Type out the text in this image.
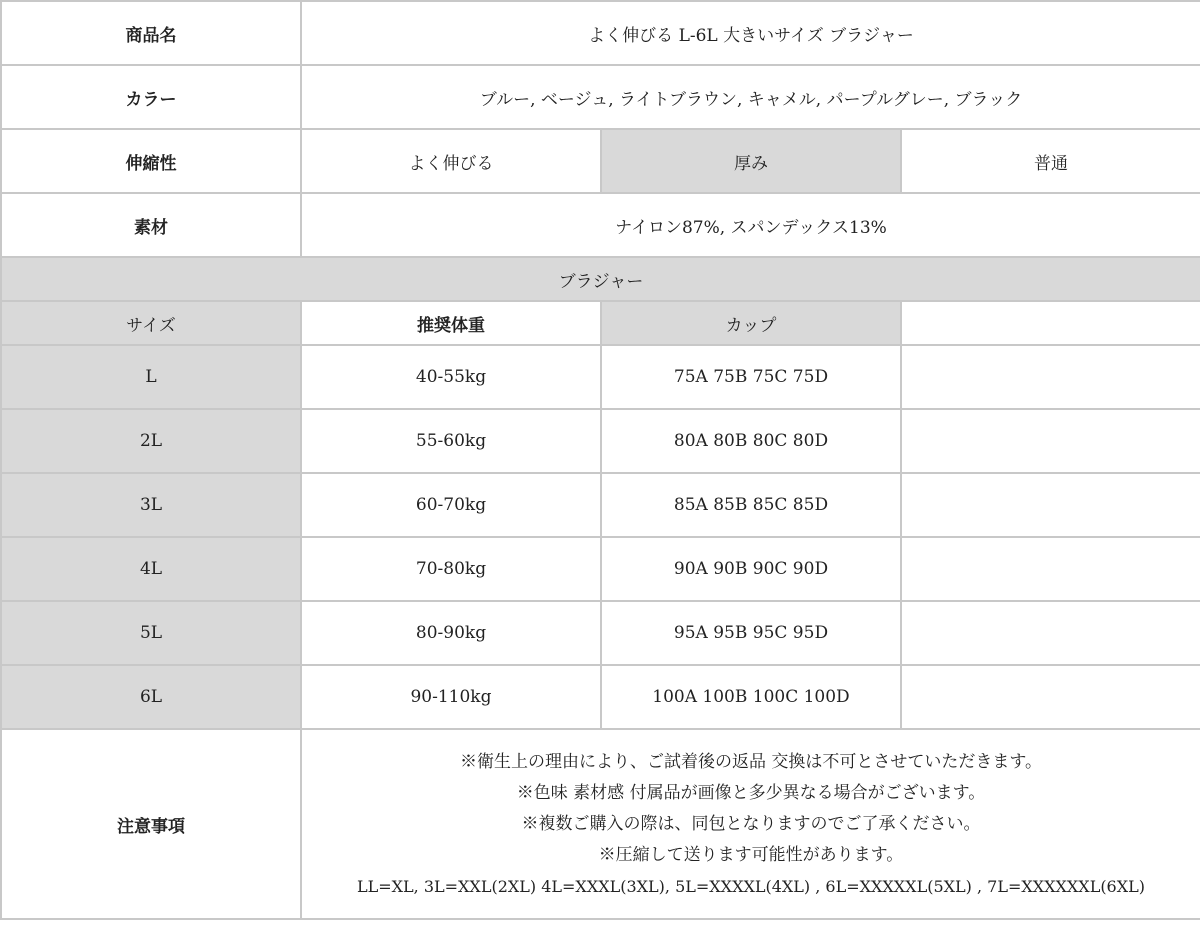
商品名	よく伸びる L-6L 大きいサイズ ブラジャー		
カラー	ブルー, ベージュ, ライトブラウン, キャメル, パープルグレー, ブラック		
伸縮性	よく伸びる	厚み	普通
素材	ナイロン87%, スパンデックス13%		
ブラジャー			
サイズ	推奨体重	カップ	
L	40-55kg	75A 75B 75C 75D	
2L	55-60kg	80A 80B 80C 80D	
3L	60-70kg	85A 85B 85C 85D	
4L	70-80kg	90A 90B 90C 90D	
5L	80-90kg	95A 95B 95C 95D	
6L	90-110kg	100A 100B 100C 100D	
注意事項	※衛生上の理由により、ご試着後の返品 交換は不可とさせていただきます。

※色味 素材感 付属品が画像と多少異なる場合がございます。

※複数ご購入の際は、同包となりますのでご了承ください。

※圧縮して送ります可能性があります。

LL=XL, 3L=XXL(2XL) 4L=XXXL(3XL), 5L=XXXXL(4XL) , 6L=XXXXXL(5XL) , 7L=XXXXXXL(6XL)		
